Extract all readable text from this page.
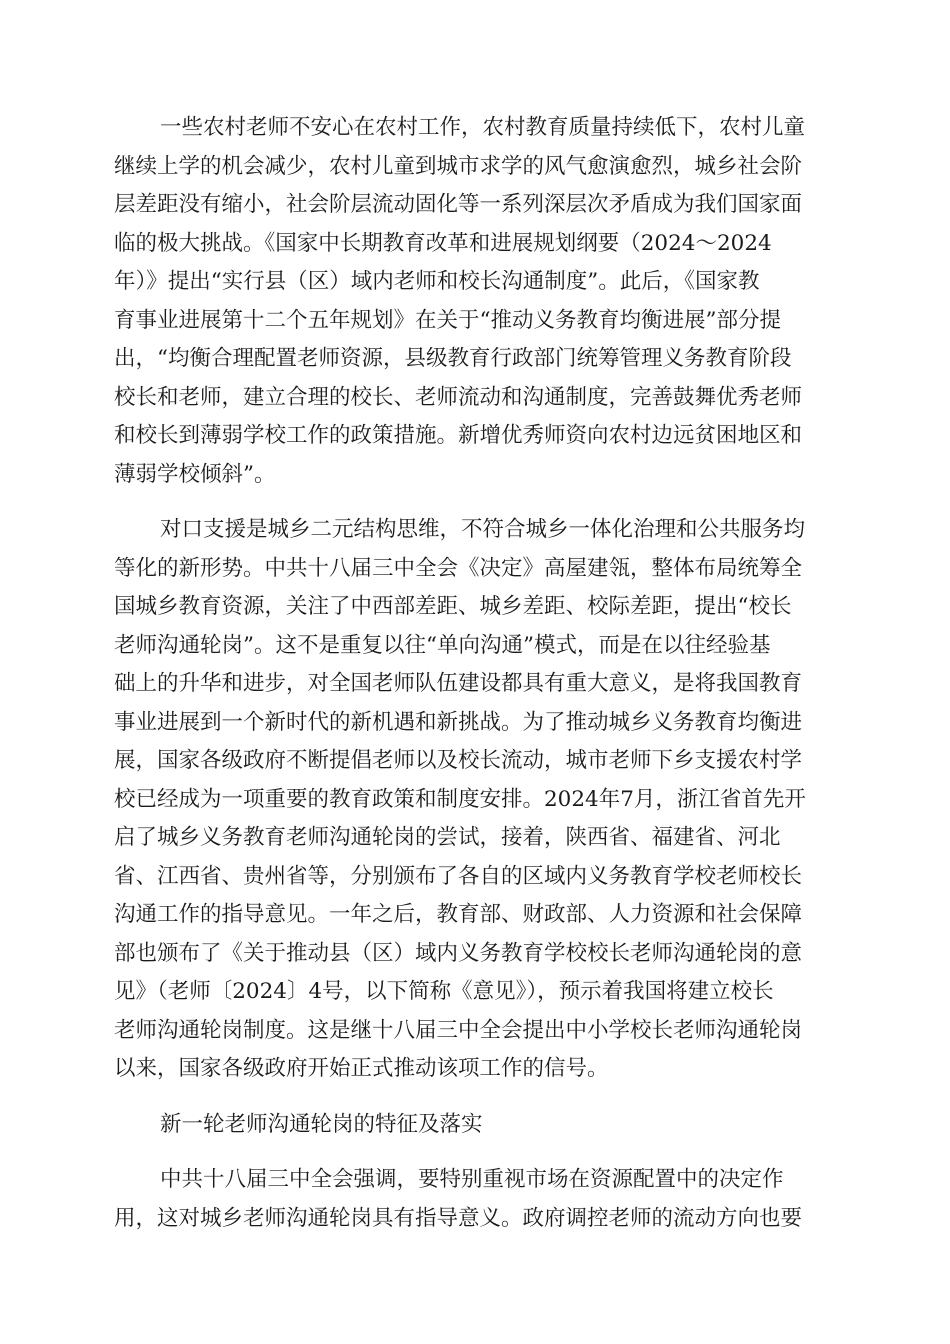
一些农村老师不安心在农村工作，农村教育质量持续低下，农村儿童

继续上学的机会减少，农村儿童到城市求学的风气愈演愈烈，城乡社会阶

层差距没有缩小，社会阶层流动固化等一系列深层次矛盾成为我们国家面

临的极大挑战。《国家中长期教育改革和进展规划纲要（2024～2024

年）》提出“实行县（区）域内老师和校长沟通制度”。此后，《国家教

育事业进展第十二个五年规划》在关于“推动义务教育均衡进展”部分提

出，“均衡合理配置老师资源，县级教育行政部门统筹管理义务教育阶段

校长和老师，建立合理的校长、老师流动和沟通制度，完善鼓舞优秀老师

和校长到薄弱学校工作的政策措施。新增优秀师资向农村边远贫困地区和

薄弱学校倾斜”。

对口支援是城乡二元结构思维，不符合城乡一体化治理和公共服务均

等化的新形势。中共十八届三中全会《决定》高屋建瓴，整体布局统筹全

国城乡教育资源，关注了中西部差距、城乡差距、校际差距，提出“校长

老师沟通轮岗”。这不是重复以往“单向沟通”模式，而是在以往经验基

础上的升华和进步，对全国老师队伍建设都具有重大意义，是将我国教育

事业进展到一个新时代的新机遇和新挑战。为了推动城乡义务教育均衡进

展，国家各级政府不断提倡老师以及校长流动，城市老师下乡支援农村学

校已经成为一项重要的教育政策和制度安排。2024年7月，浙江省首先开

启了城乡义务教育老师沟通轮岗的尝试，接着，陕西省、福建省、河北

省、江西省、贵州省等，分别颁布了各自的区域内义务教育学校老师校长

沟通工作的指导意见。一年之后，教育部、财政部、人力资源和社会保障

部也颁布了《关于推动县（区）域内义务教育学校校长老师沟通轮岗的意

见》（老师〔2024〕4号，以下简称《意见》），预示着我国将建立校长

老师沟通轮岗制度。这是继十八届三中全会提出中小学校长老师沟通轮岗

以来，国家各级政府开始正式推动该项工作的信号。

新一轮老师沟通轮岗的特征及落实

中共十八届三中全会强调，要特别重视市场在资源配置中的决定作

用，这对城乡老师沟通轮岗具有指导意义。政府调控老师的流动方向也要
